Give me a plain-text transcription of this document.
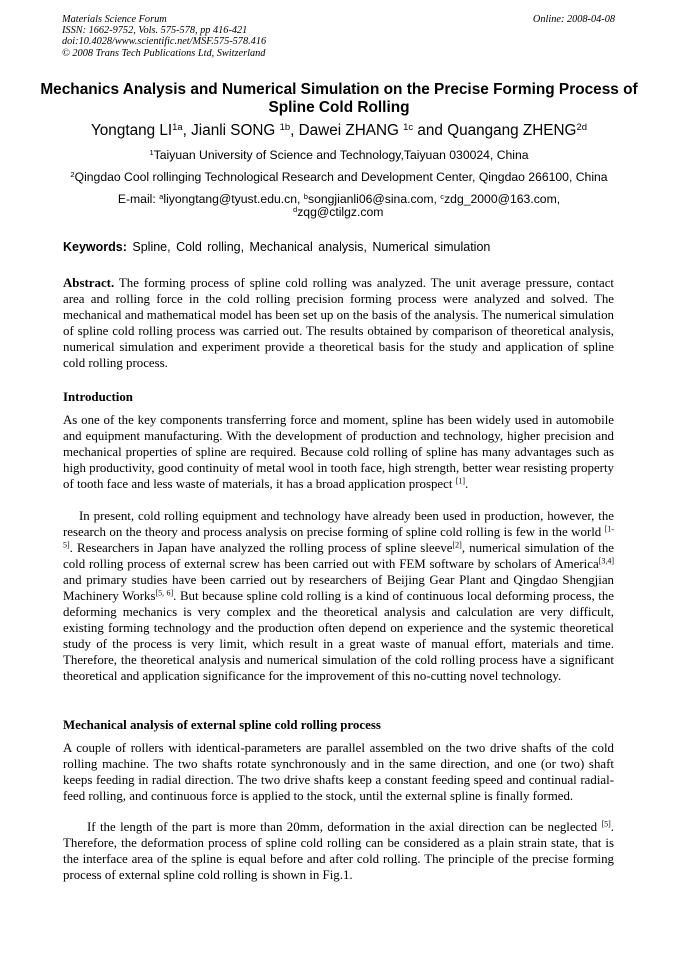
Materials Science Forum
ISSN: 1662-9752, Vols. 575-578, pp 416-421
doi:10.4028/www.scientific.net/MSF.575-578.416
© 2008 Trans Tech Publications Ltd, Switzerland
Online: 2008-04-08
Mechanics Analysis and Numerical Simulation on the Precise Forming Process of Spline Cold Rolling
Yongtang $LI^{1a}$, Jianli SONG $^{1b}$, Dawei ZHANG $^{1c}$ and Quangang $ZHENG^{2d}$
$^1$Taiyuan University of Science and Technology,Taiyuan 030024, China
$^2$Qingdao Cool rollinging Technological Research and Development Center, Qingdao 266100, China
E-mail: $^a$liyongtang@tyust.edu.cn, $^b$songjianli06@sina.com, $^c$zdg_2000@163.com,
$^d$zqg@ctilgz.com
Keywords: Spline, Cold rolling, Mechanical analysis, Numerical simulation
Abstract. The forming process of spline cold rolling was analyzed. The unit average pressure, contact area and rolling force in the cold rolling precision forming process were analyzed and solved. The mechanical and mathematical model has been set up on the basis of the analysis. The numerical simulation of spline cold rolling process was carried out. The results obtained by comparison of theoretical analysis, numerical simulation and experiment provide a theoretical basis for the study and application of spline cold rolling process.
Introduction
As one of the key components transferring force and moment, spline has been widely used in automobile and equipment manufacturing. With the development of production and technology, higher precision and mechanical properties of spline are required. Because cold rolling of spline has many advantages such as high productivity, good continuity of metal wool in tooth face, high strength, better wear resisting property of tooth face and less waste of materials, it has a broad application prospect [1].
In present, cold rolling equipment and technology have already been used in production, however, the research on the theory and process analysis on precise forming of spline cold rolling is few in the world [1-5]. Researchers in Japan have analyzed the rolling process of spline sleeve[2], numerical simulation of the cold rolling process of external screw has been carried out with FEM software by scholars of America[3,4] and primary studies have been carried out by researchers of Beijing Gear Plant and Qingdao Shengjian Machinery Works[5, 6]. But because spline cold rolling is a kind of continuous local deforming process, the deforming mechanics is very complex and the theoretical analysis and calculation are very difficult, existing forming technology and the production often depend on experience and the systemic theoretical study of the process is very limit, which result in a great waste of manual effort, materials and time. Therefore, the theoretical analysis and numerical simulation of the cold rolling process have a significant theoretical and application significance for the improvement of this no-cutting novel technology.
Mechanical analysis of external spline cold rolling process
A couple of rollers with identical-parameters are parallel assembled on the two drive shafts of the cold rolling machine. The two shafts rotate synchronously and in the same direction, and one (or two) shaft keeps feeding in radial direction. The two drive shafts keep a constant feeding speed and continual radial-feed rolling, and continuous force is applied to the stock, until the external spline is finally formed.
If the length of the part is more than 20mm, deformation in the axial direction can be neglected [5]. Therefore, the deformation process of spline cold rolling can be considered as a plain strain state, that is the interface area of the spline is equal before and after cold rolling. The principle of the precise forming process of external spline cold rolling is shown in Fig.1.
